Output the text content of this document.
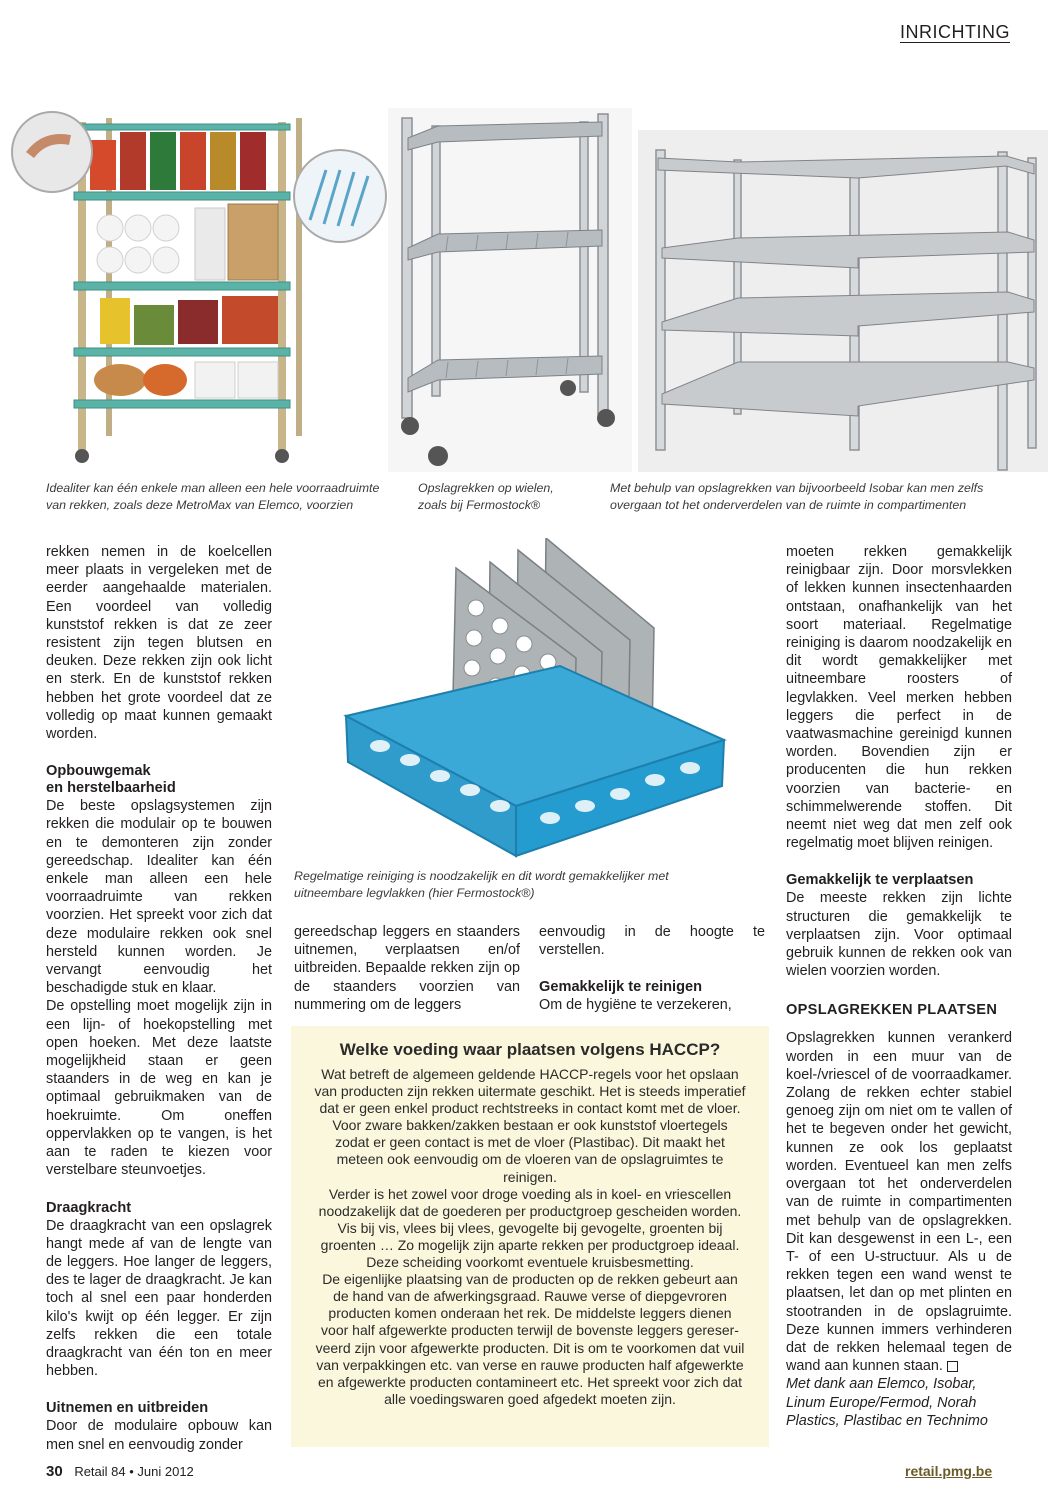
INRICHTING
Idealiter kan één enkele man alleen een hele voorraadruimte
van rekken, zoals deze MetroMax van Elemco, voorzien
Opslagrekken op wielen,
zoals bij Fermostock®
Met behulp van opslagrekken van bijvoorbeeld Isobar kan men zelfs
overgaan tot het onderverdelen van de ruimte in compartimenten
Regelmatige reiniging is noodzakelijk en dit wordt gemakkelijker met
uitneembare legvlakken (hier Fermostock®)

rekken nemen in de koelcellen meer plaats in vergeleken met de eerder aangehaalde materialen. Een voordeel van volledig kunststof rekken is dat ze zeer resistent zijn tegen blutsen en deuken. Deze rekken zijn ook licht en sterk. En de kunststof rekken hebben het grote voordeel dat ze volledig op maat kunnen gemaakt worden.

Opbouwgemak
en herstelbaarheid

De beste opslagsystemen zijn rekken die modulair op te bouwen en te demonteren zijn zonder gereedschap. Idealiter kan één enkele man alleen een hele voorraadruimte van rekken voorzien. Het spreekt voor zich dat deze modulaire rekken ook snel hersteld kunnen worden. Je vervangt eenvoudig het beschadigde stuk en klaar.

De opstelling moet mogelijk zijn in een lijn- of hoekopstelling met open hoeken. Met deze laatste mogelijkheid staan er geen staanders in de weg en kan je optimaal gebruikmaken van de hoekruimte. Om oneffen oppervlakken op te vangen, is het aan te raden te kiezen voor verstelbare steunvoetjes.

Draagkracht

De draagkracht van een opslagrek hangt mede af van de lengte van de leggers. Hoe langer de leggers, des te lager de draagkracht. Je kan toch al snel een paar honderden kilo's kwijt op één legger. Er zijn zelfs rekken die een totale draagkracht van één ton en meer hebben.

Uitnemen en uitbreiden

Door de modulaire opbouw kan men snel en eenvoudig zonder

gereedschap leggers en staanders uitnemen, verplaatsen en/of uitbreiden. Bepaalde rekken zijn op de staanders voorzien van nummering om de leggers

eenvoudig in de hoogte te verstellen.

Gemakkelijk te reinigen

Om de hygiëne te verzekeren,

moeten rekken gemakkelijk reinigbaar zijn. Door morsvlekken of lekken kunnen insectenhaarden ontstaan, onafhankelijk van het soort materiaal. Regelmatige reiniging is daarom noodzakelijk en dit wordt gemakkelijker met uitneembare roosters of legvlakken. Veel merken hebben leggers die perfect in de vaatwasmachine gereinigd kunnen worden. Bovendien zijn er producenten die hun rekken voorzien van bacterie- en schimmelwerende stoffen. Dit neemt niet weg dat men zelf ook regelmatig moet blijven reinigen.

Gemakkelijk te verplaatsen

De meeste rekken zijn lichte structuren die gemakkelijk te verplaatsen zijn. Voor optimaal gebruik kunnen de rekken ook van wielen voorzien worden.

OPSLAGREKKEN PLAATSEN

Opslagrekken kunnen verankerd worden in een muur van de koel-/vriescel of de voorraadkamer. Zolang de rekken echter stabiel genoeg zijn om niet om te vallen of het te begeven onder het gewicht, kunnen ze ook los geplaatst worden. Eventueel kan men zelfs overgaan tot het onderverdelen van de ruimte in compartimenten met behulp van de opslagrekken. Dit kan desgewenst in een L-, een T- of een U-structuur. Als u de rekken tegen een wand wenst te plaatsen, let dan op met plinten en stootranden in de opslagruimte. Deze kunnen immers verhinderen dat de rekken helemaal tegen de wand aan kunnen staan.

Met dank aan Elemco, Isobar, Linum Europe/Fermod, Norah Plastics, Plastibac en Technimo

Welke voeding waar plaatsen volgens HACCP?

Wat betreft de algemeen geldende HACCP-regels voor het opslaan

van producten zijn rekken uitermate geschikt. Het is steeds imperatief

dat er geen enkel product rechtstreeks in contact komt met de vloer.

Voor zware bakken/zakken bestaan er ook kunststof vloertegels

zodat er geen contact is met de vloer (Plastibac). Dit maakt het

meteen ook eenvoudig om de vloeren van de opslagruimtes te

reinigen.

Verder is het zowel voor droge voeding als in koel- en vriescellen

noodzakelijk dat de goederen per productgroep gescheiden worden.

Vis bij vis, vlees bij vlees, gevogelte bij gevogelte, groenten bij

groenten … Zo mogelijk zijn aparte rekken per productgroep ideaal.

Deze scheiding voorkomt eventuele kruisbesmetting.

De eigenlijke plaatsing van de producten op de rekken gebeurt aan

de hand van de afwerkingsgraad. Rauwe verse of diepgevroren

producten komen onderaan het rek. De middelste leggers dienen

voor half afgewerkte producten terwijl de bovenste leggers gereser-

veerd zijn voor afgewerkte producten. Dit is om te voorkomen dat vuil

van verpakkingen etc. van verse en rauwe producten half afgewerkte

en afgewerkte producten contamineert etc. Het spreekt voor zich dat

alle voedingswaren goed afgedekt moeten zijn.

30 Retail 84 • Juni 2012	retail.pmg.be
